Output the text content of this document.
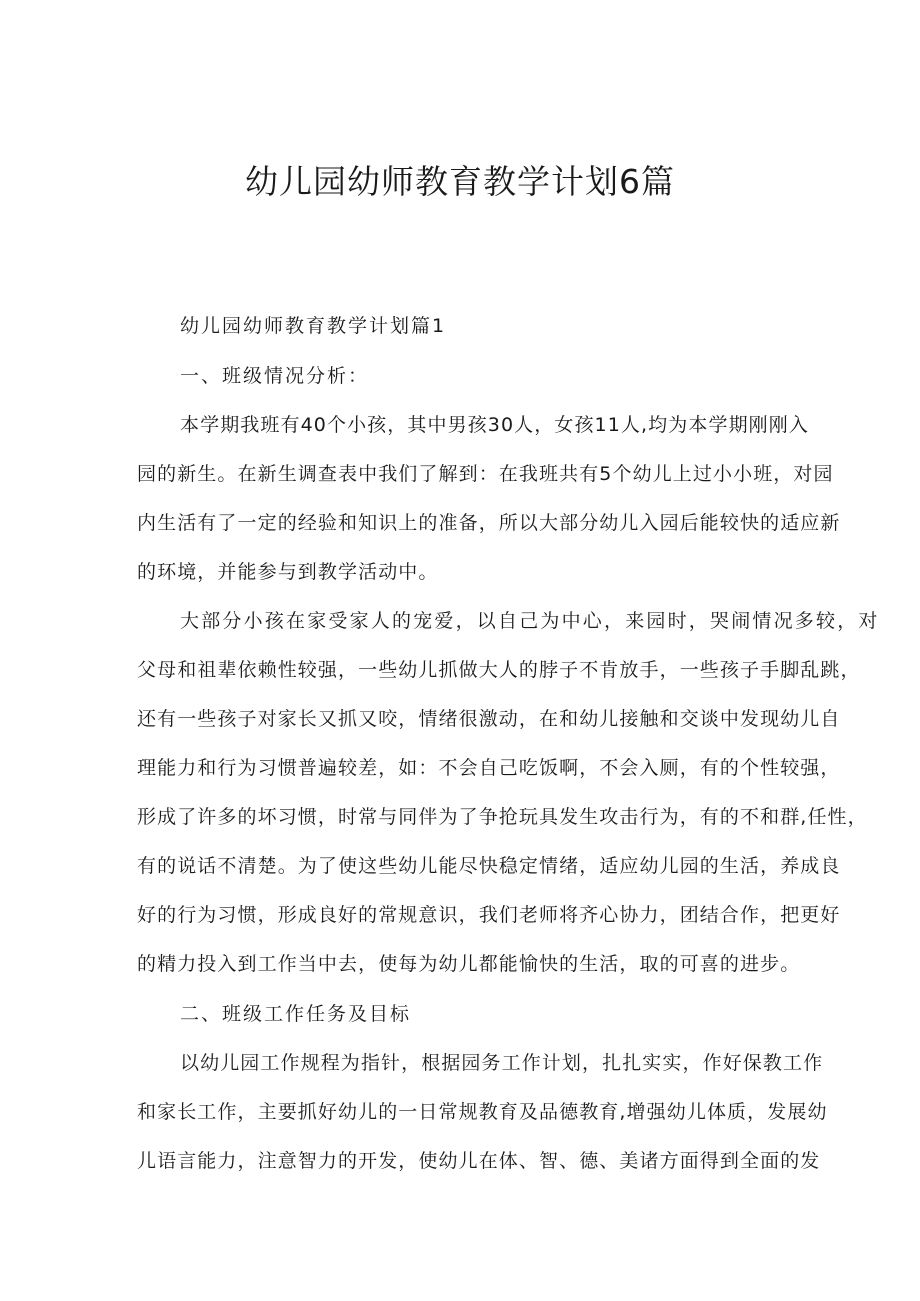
幼儿园幼师教育教学计划6篇

幼儿园幼师教育教学计划篇1

一、班级情况分析：

本学期我班有40个小孩，其中男孩30人，女孩11人,均为本学期刚刚入

园的新生。在新生调查表中我们了解到：在我班共有5个幼儿上过小小班，对园

内生活有了一定的经验和知识上的准备，所以大部分幼儿入园后能较快的适应新

的环境，并能参与到教学活动中。

大部分小孩在家受家人的宠爱，以自己为中心，来园时，哭闹情况多较，对

父母和祖辈依赖性较强，一些幼儿抓做大人的脖子不肯放手，一些孩子手脚乱跳，

还有一些孩子对家长又抓又咬，情绪很激动，在和幼儿接触和交谈中发现幼儿自

理能力和行为习惯普遍较差，如：不会自己吃饭啊，不会入厕，有的个性较强，

形成了许多的坏习惯，时常与同伴为了争抢玩具发生攻击行为，有的不和群,任性，

有的说话不清楚。为了使这些幼儿能尽快稳定情绪，适应幼儿园的生活，养成良

好的行为习惯，形成良好的常规意识，我们老师将齐心协力，团结合作，把更好

的精力投入到工作当中去，使每为幼儿都能愉快的生活，取的可喜的进步。

二、班级工作任务及目标

以幼儿园工作规程为指针，根据园务工作计划，扎扎实实，作好保教工作

和家长工作，主要抓好幼儿的一日常规教育及品德教育,增强幼儿体质，发展幼

儿语言能力，注意智力的开发，使幼儿在体、智、德、美诸方面得到全面的发
